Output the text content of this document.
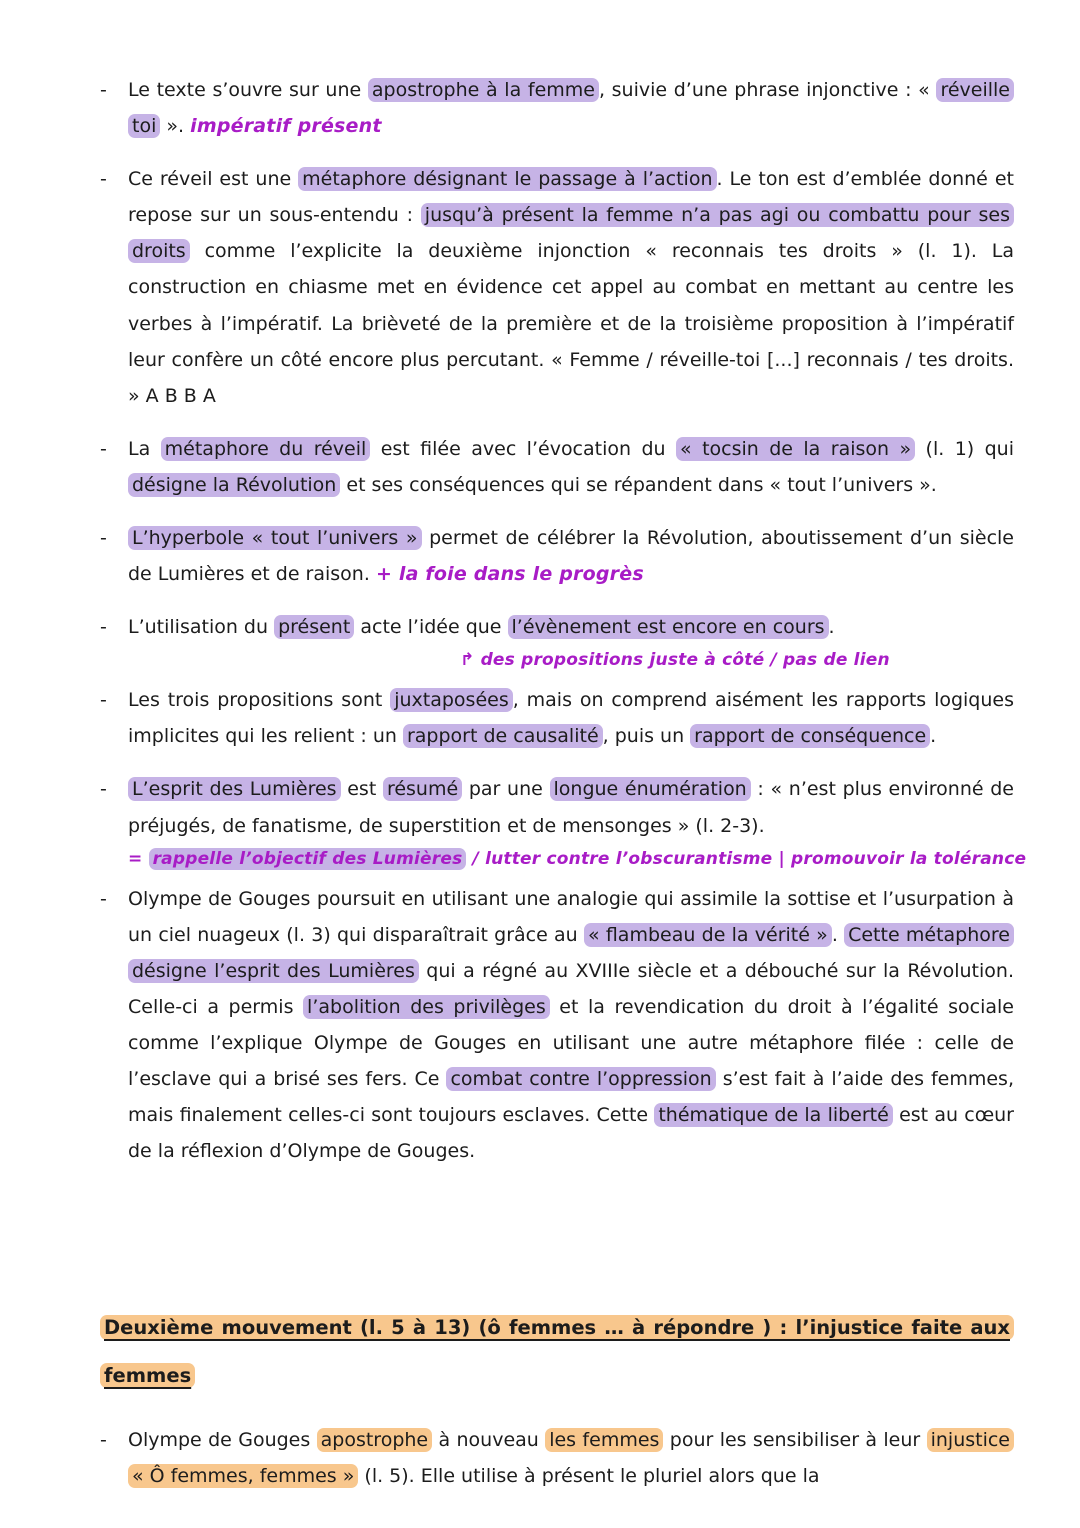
-	Le texte s’ouvre sur une apostrophe à la femme , suivie d’une phrase injonctive : « réveille toi ». impératif présent
-	Ce réveil est une métaphore désignant le passage à l’action . Le ton est d’emblée donné et repose sur un sous-entendu : jusqu’à présent la femme n’a pas agi ou combattu pour ses droits comme l’explicite la deuxième injonction « reconnais tes droits » (l. 1). La construction en chiasme met en évidence cet appel au combat en mettant au centre les verbes à l’impératif. La brièveté de la première et de la troisième proposition à l’impératif leur confère un côté encore plus percutant. « Femme / réveille-toi [...] reconnais / tes droits. » A B B A
-	La métaphore du réveil est filée avec l’évocation du « tocsin de la raison » (l. 1) qui désigne la Révolution et ses conséquences qui se répandent dans « tout l’univers ».
-	L’hyperbole « tout l’univers » permet de célébrer la Révolution, aboutissement d’un siècle de Lumières et de raison. + la foie dans le progrès
-	L’utilisation du présent acte l’idée que l’évènement est encore en cours .
↱ des propositions juste à côté / pas de lien
-	Les trois propositions sont juxtaposées , mais on comprend aisément les rapports logiques implicites qui les relient : un rapport de causalité , puis un rapport de conséquence .
-	L’esprit des Lumières est résumé par une longue énumération : « n’est plus environné de préjugés, de fanatisme, de superstition et de mensonges » (l. 2-3).
= rappelle l’objectif des Lumières / lutter contre l’obscurantisme | promouvoir la tolérance
-	Olympe de Gouges poursuit en utilisant une analogie qui assimile la sottise et l’usurpation à un ciel nuageux (l. 3) qui disparaîtrait grâce au « flambeau de la vérité » . Cette métaphore désigne l’esprit des Lumières qui a régné au XVIIIe siècle et a débouché sur la Révolution. Celle-ci a permis l’abolition des privilèges et la revendication du droit à l’égalité sociale comme l’explique Olympe de Gouges en utilisant une autre métaphore filée : celle de l’esclave qui a brisé ses fers. Ce combat contre l’oppression s’est fait à l’aide des femmes, mais finalement celles-ci sont toujours esclaves. Cette thématique de la liberté est au cœur de la réflexion d’Olympe de Gouges.
Deuxième mouvement (l. 5 à 13) (ô femmes … à répondre ) : l’injustice faite aux femmes
-	Olympe de Gouges apostrophe à nouveau les femmes pour les sensibiliser à leur injustice « Ô femmes, femmes » (l. 5). Elle utilise à présent le pluriel alors que la
